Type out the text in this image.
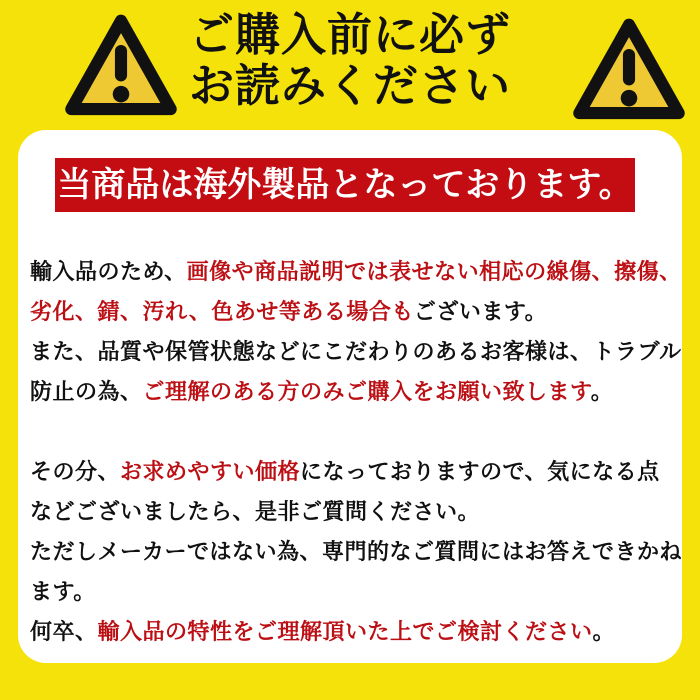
ご購入前に必ず
お読みください
当商品は海外製品となっております。
輸入品のため、画像や商品説明では表せない相応の線傷、擦傷、
劣化、錆、汚れ、色あせ等ある場合もございます。
また、品質や保管状態などにこだわりのあるお客様は、トラブル
防止の為、ご理解のある方のみご購入をお願い致します。

その分、お求めやすい価格になっておりますので、気になる点
などございましたら、是非ご質問ください。
ただしメーカーではない為、専門的なご質問にはお答えできかね
ます。
何卒、輸入品の特性をご理解頂いた上でご検討ください。
